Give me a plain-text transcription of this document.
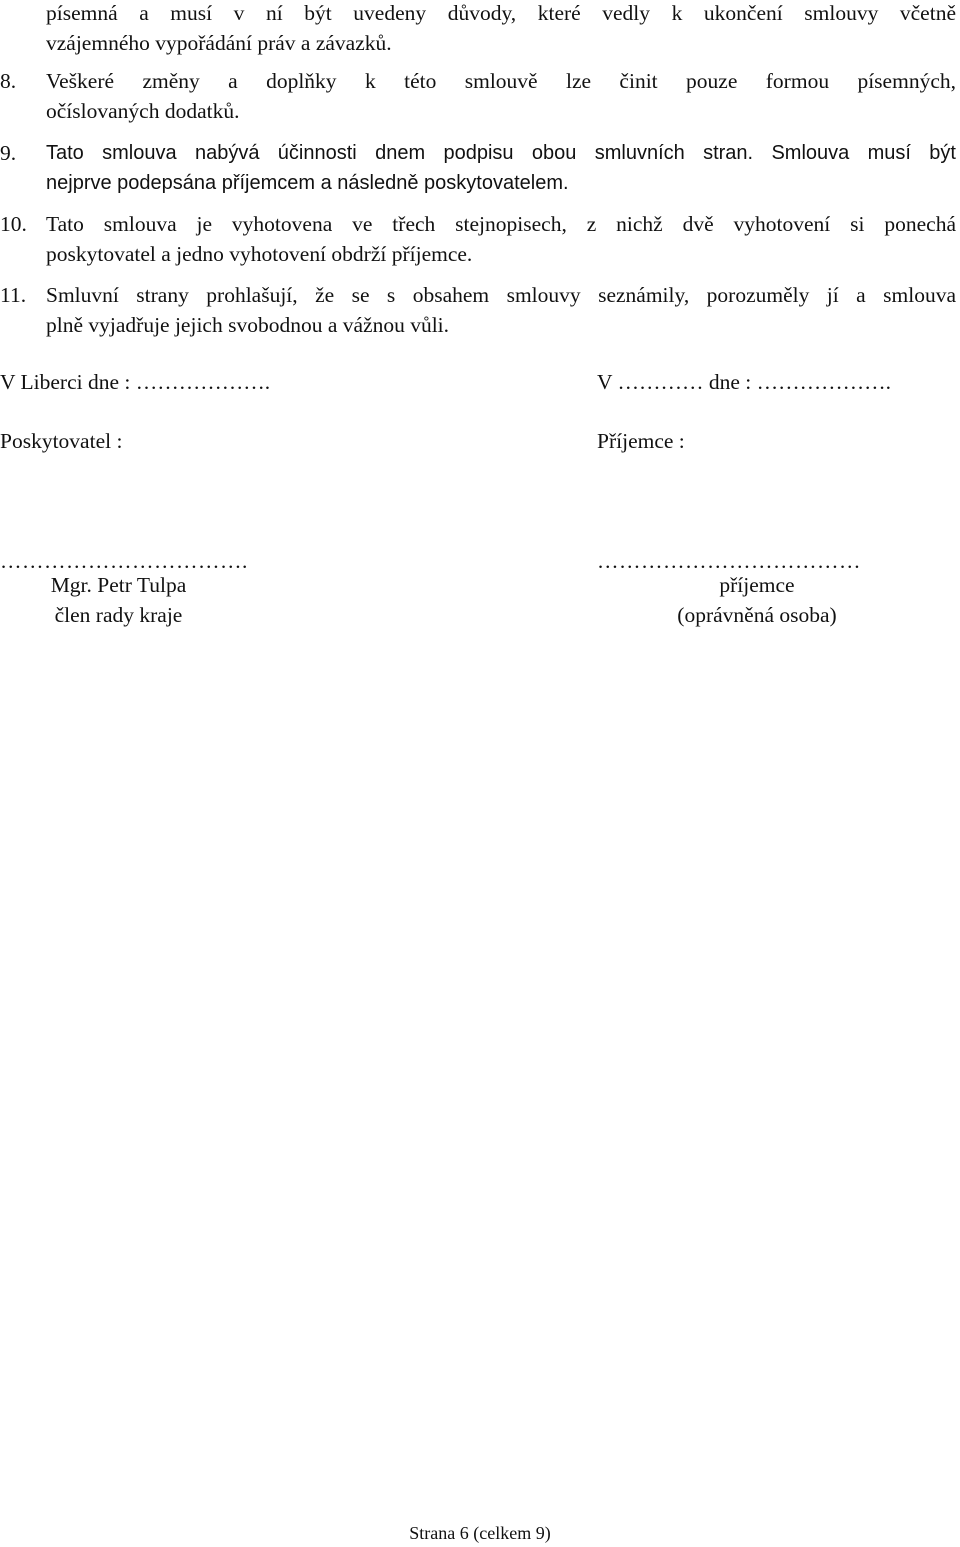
písemná a musí v ní být uvedeny důvody, které vedly k ukončení smlouvy včetně
vzájemného vypořádání práv a závazků.
8. Veškeré změny a doplňky k této smlouvě lze činit pouze formou písemných,
očíslovaných dodatků.
9. Tato smlouva nabývá účinnosti dnem podpisu obou smluvních stran. Smlouva musí být
nejprve podepsána příjemcem a následně poskytovatelem.
10. Tato smlouva je vyhotovena ve třech stejnopisech, z nichž dvě vyhotovení si ponechá
poskytovatel a jedno vyhotovení obdrží příjemce.
11. Smluvní strany prohlašují, že se s obsahem smlouvy seznámily, porozuměly jí a smlouva
plně vyjadřuje jejich svobodnou a vážnou vůli.
V Liberci dne : ……………….	V ………… dne : ……………….
Poskytovatel :	Příjemce :
…………………………….	………………………………
Mgr. Petr Tulpa
člen rady kraje
příjemce
(oprávněná osoba)
Strana 6 (celkem 9)
